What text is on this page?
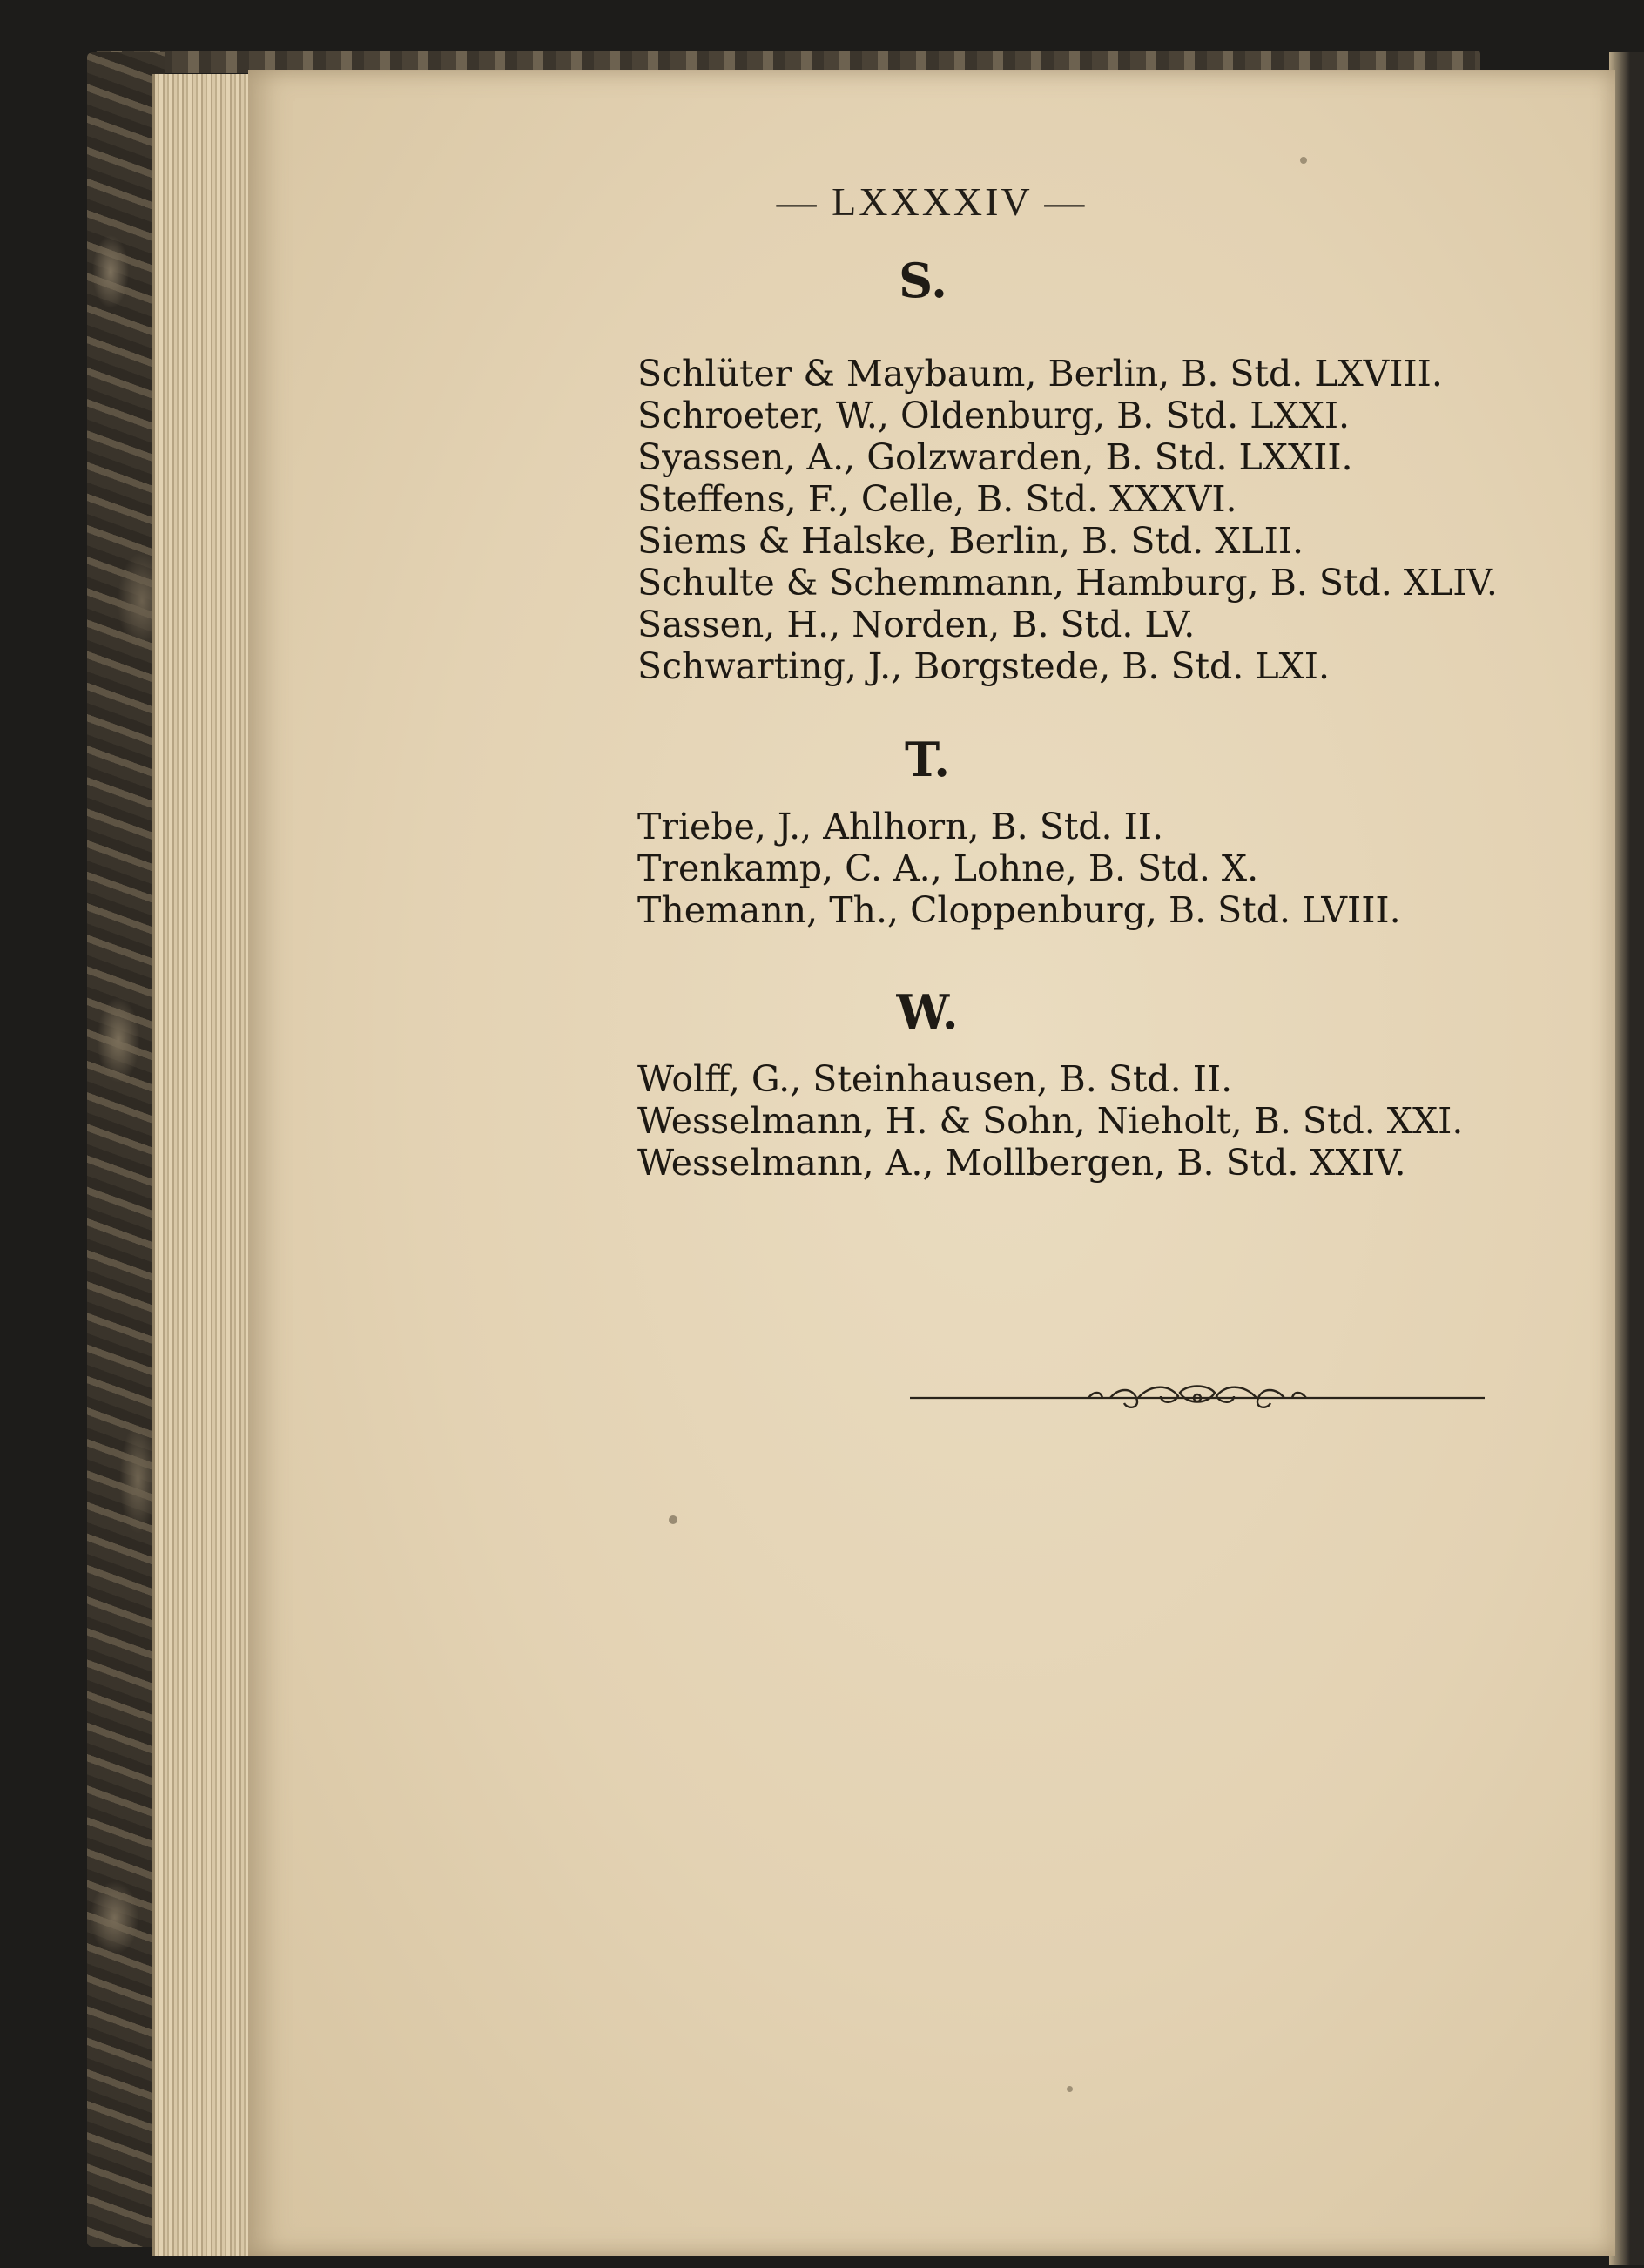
— LXXXXIV —
S.
Schlüter & Maybaum, Berlin, B. Std. LXVIII.
Schroeter, W., Oldenburg, B. Std. LXXI.
Syassen, A., Golzwarden, B. Std. LXXII.
Steffens, F., Celle, B. Std. XXXVI.
Siems & Halske, Berlin, B. Std. XLII.
Schulte & Schemmann, Hamburg, B. Std. XLIV.
Sassen, H., Norden, B. Std. LV.
Schwarting, J., Borgstede, B. Std. LXI.
T.
Triebe, J., Ahlhorn, B. Std. II.
Trenkamp, C. A., Lohne, B. Std. X.
Themann, Th., Cloppenburg, B. Std. LVIII.
W.
Wolff, G., Steinhausen, B. Std. II.
Wesselmann, H. & Sohn, Nieholt, B. Std. XXI.
Wesselmann, A., Mollbergen, B. Std. XXIV.
